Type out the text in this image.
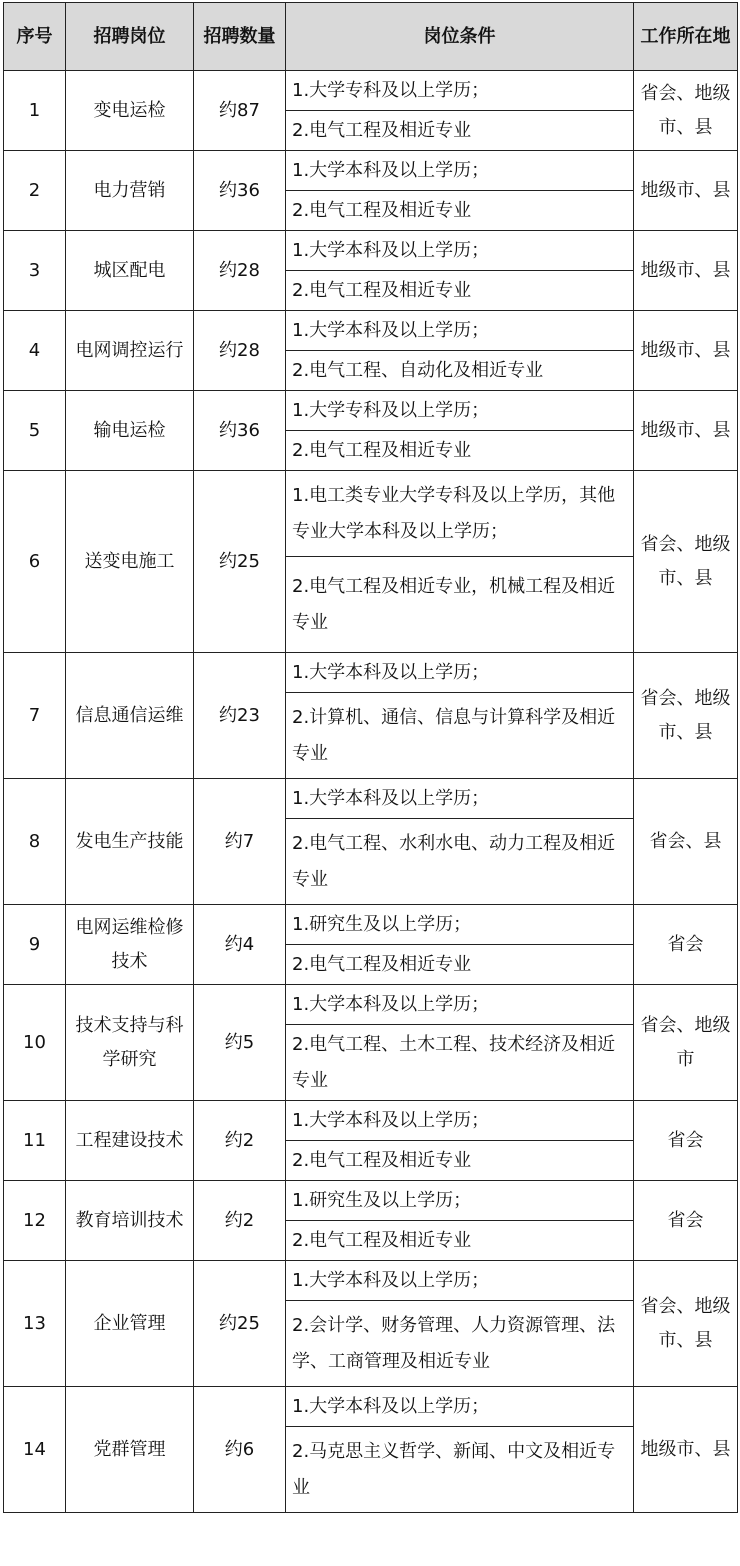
序号	招聘岗位	招聘数量	岗位条件	工作所在地
1	变电运检	约87	1.大学专科及以上学历；	省会、地级市、县
			2.电气工程及相近专业	
2	电力营销	约36	1.大学本科及以上学历；	地级市、县
			2.电气工程及相近专业	
3	城区配电	约28	1.大学本科及以上学历；	地级市、县
			2.电气工程及相近专业	
4	电网调控运行	约28	1.大学本科及以上学历；	地级市、县
			2.电气工程、自动化及相近专业	
5	输电运检	约36	1.大学专科及以上学历；	地级市、县
			2.电气工程及相近专业	
6	送变电施工	约25	1.电工类专业大学专科及以上学历，其他专业大学本科及以上学历；	省会、地级市、县
			2.电气工程及相近专业，机械工程及相近专业	
7	信息通信运维	约23	1.大学本科及以上学历；	省会、地级市、县
			2.计算机、通信、信息与计算科学及相近专业	
8	发电生产技能	约7	1.大学本科及以上学历；	省会、县
			2.电气工程、水利水电、动力工程及相近专业	
9	电网运维检修技术	约4	1.研究生及以上学历；	省会
			2.电气工程及相近专业	
10	技术支持与科学研究	约5	1.大学本科及以上学历；	省会、地级市
			2.电气工程、土木工程、技术经济及相近专业	
11	工程建设技术	约2	1.大学本科及以上学历；	省会
			2.电气工程及相近专业	
12	教育培训技术	约2	1.研究生及以上学历；	省会
			2.电气工程及相近专业	
13	企业管理	约25	1.大学本科及以上学历；	省会、地级市、县
			2.会计学、财务管理、人力资源管理、法学、工商管理及相近专业	
14	党群管理	约6	1.大学本科及以上学历；	地级市、县
			2.马克思主义哲学、新闻、中文及相近专业	
